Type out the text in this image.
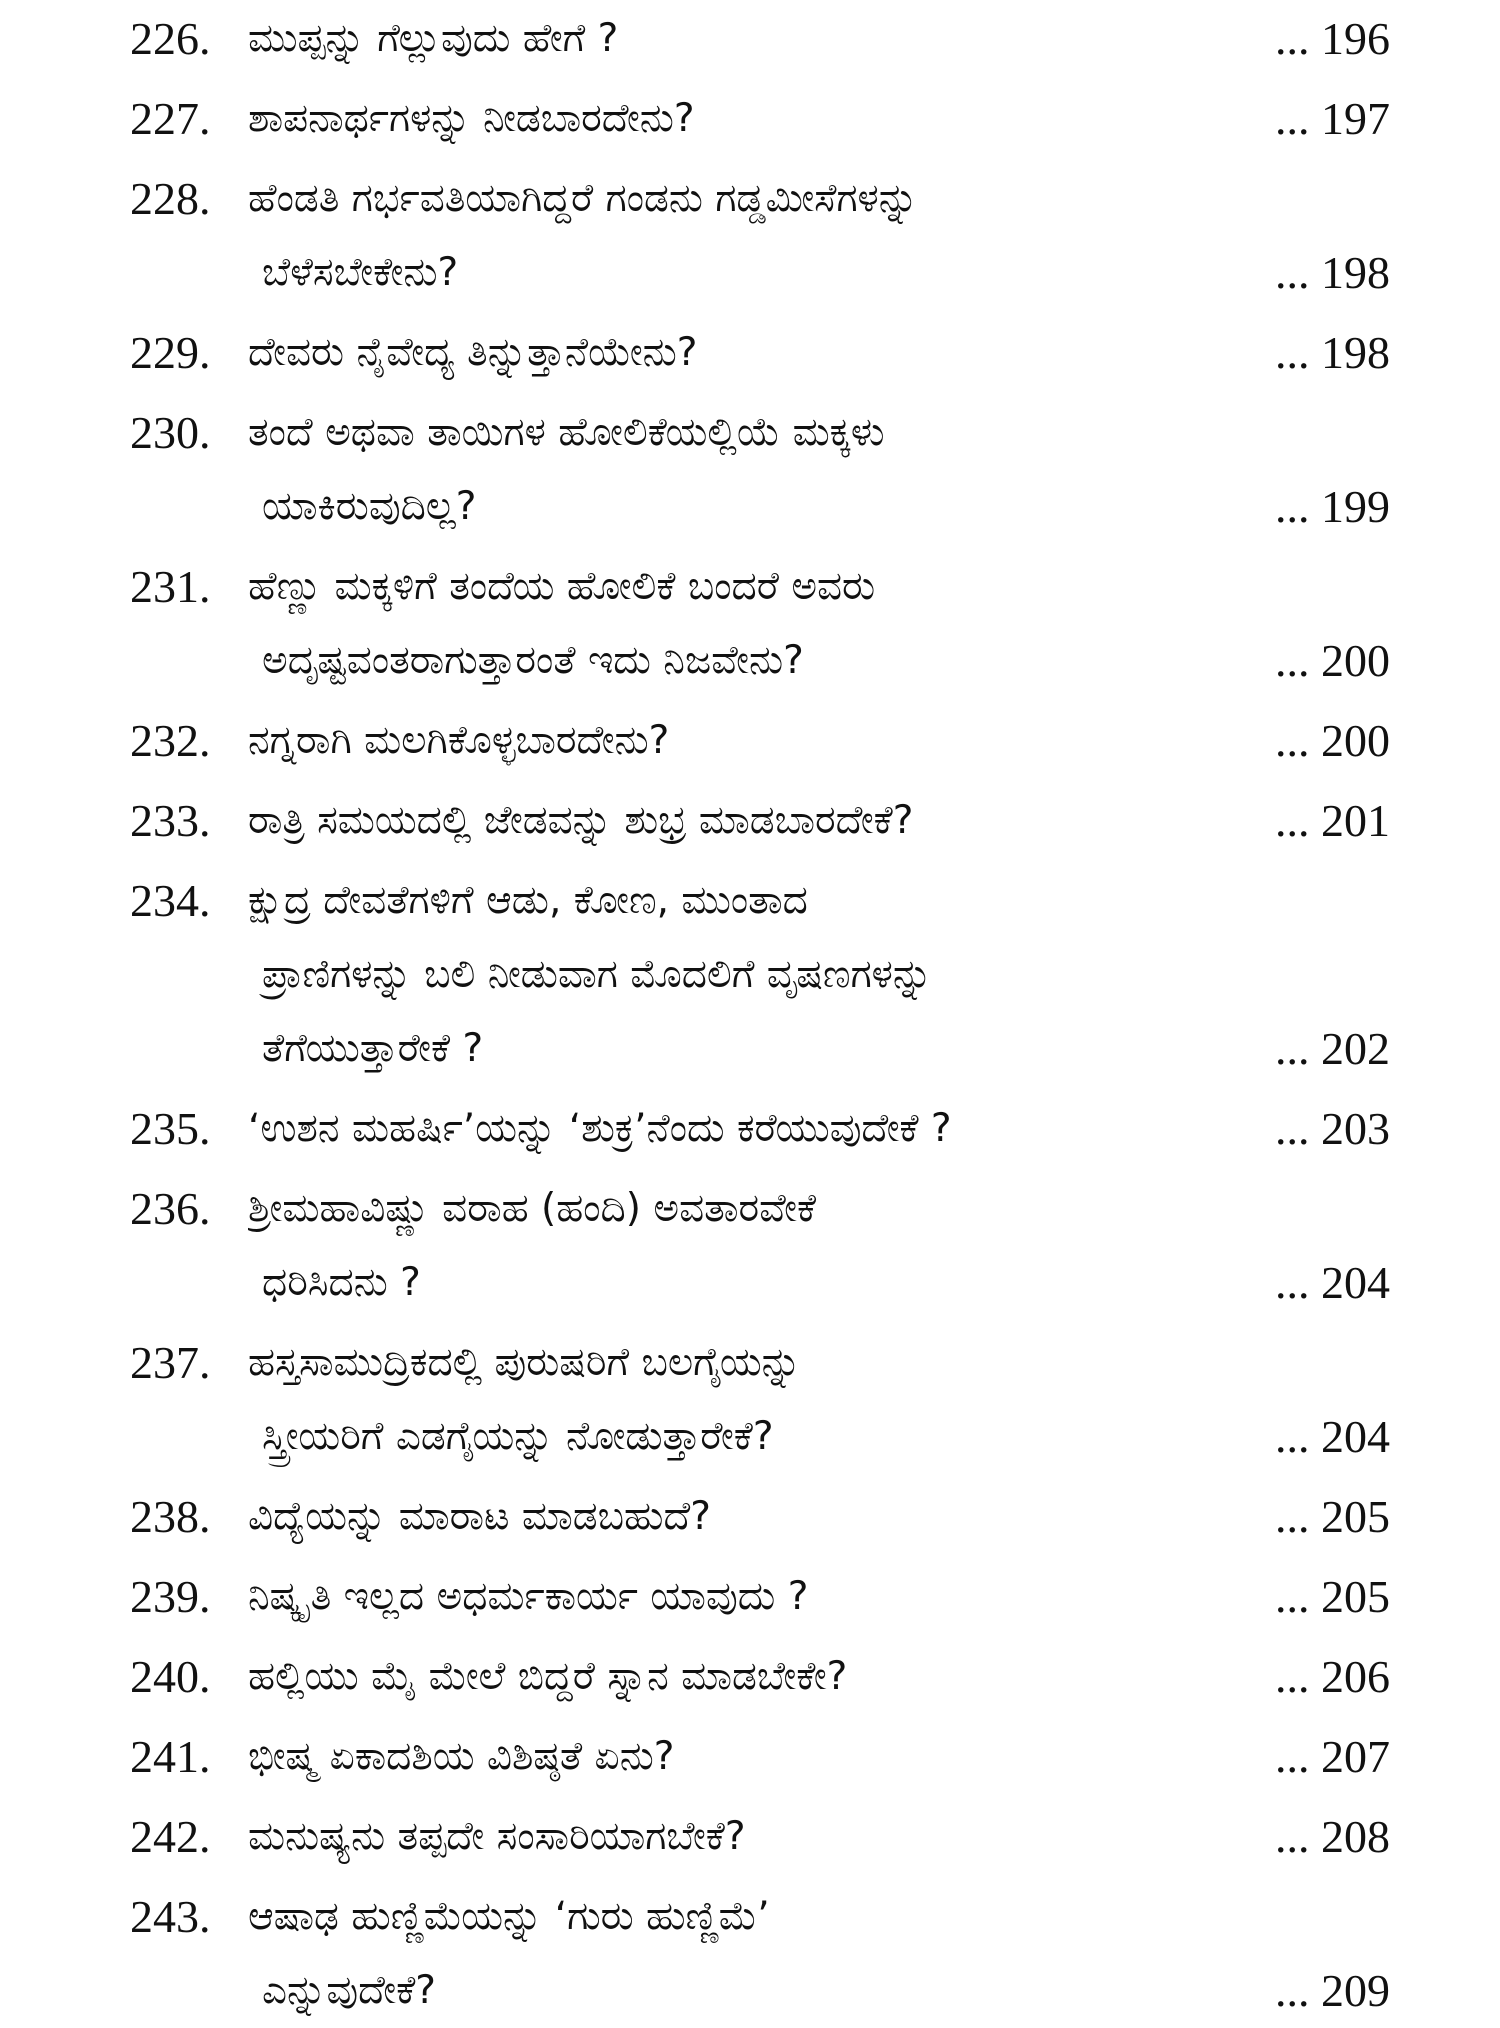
226. ಮುಪ್ಪನ್ನು ಗೆಲ್ಲುವುದು ಹೇಗೆ ?	... 196
227. ಶಾಪನಾರ್ಥಗಳನ್ನು ನೀಡಬಾರದೇನು?	... 197
228. ಹೆಂಡತಿ ಗರ್ಭವತಿಯಾಗಿದ್ದರೆ ಗಂಡನು ಗಡ್ಡಮೀಸೆಗಳನ್ನು
ಬೆಳೆಸಬೇಕೇನು?	... 198
229. ದೇವರು ನೈವೇದ್ಯ ತಿನ್ನುತ್ತಾನೆಯೇನು?	... 198
230. ತಂದೆ ಅಥವಾ ತಾಯಿಗಳ ಹೋಲಿಕೆಯಲ್ಲಿಯೆ ಮಕ್ಕಳು
ಯಾಕಿರುವುದಿಲ್ಲ?	... 199
231. ಹೆಣ್ಣು ಮಕ್ಕಳಿಗೆ ತಂದೆಯ ಹೋಲಿಕೆ ಬಂದರೆ ಅವರು
ಅದೃಷ್ಟವಂತರಾಗುತ್ತಾರಂತೆ ಇದು ನಿಜವೇನು?	... 200
232. ನಗ್ನರಾಗಿ ಮಲಗಿಕೊಳ್ಳಬಾರದೇನು?	... 200
233. ರಾತ್ರಿ ಸಮಯದಲ್ಲಿ ಜೇಡವನ್ನು ಶುಭ್ರ ಮಾಡಬಾರದೇಕೆ?	... 201
234. ಕ್ಷುದ್ರ ದೇವತೆಗಳಿಗೆ ಆಡು, ಕೋಣ, ಮುಂತಾದ
ಪ್ರಾಣಿಗಳನ್ನು ಬಲಿ ನೀಡುವಾಗ ಮೊದಲಿಗೆ ವೃಷಣಗಳನ್ನು
ತೆಗೆಯುತ್ತಾರೇಕೆ ?	... 202
235. ‘ಉಶನ ಮಹರ್ಷಿ’ಯನ್ನು ‘ಶುಕ್ರ’ನೆಂದು ಕರೆಯುವುದೇಕೆ ?	... 203
236. ಶ್ರೀಮಹಾವಿಷ್ಣು ವರಾಹ (ಹಂದಿ) ಅವತಾರವೇಕೆ
ಧರಿಸಿದನು ?	... 204
237. ಹಸ್ತಸಾಮುದ್ರಿಕದಲ್ಲಿ ಪುರುಷರಿಗೆ ಬಲಗೈಯನ್ನು
ಸ್ತ್ರೀಯರಿಗೆ ಎಡಗೈಯನ್ನು ನೋಡುತ್ತಾರೇಕೆ?	... 204
238. ವಿದ್ಯೆಯನ್ನು ಮಾರಾಟ ಮಾಡಬಹುದೆ?	... 205
239. ನಿಷ್ಕೃತಿ ಇಲ್ಲದ ಅಧರ್ಮಕಾರ್ಯ ಯಾವುದು ?	... 205
240. ಹಲ್ಲಿಯು ಮೈ ಮೇಲೆ ಬಿದ್ದರೆ ಸ್ನಾನ ಮಾಡಬೇಕೇ?	... 206
241. ಭೀಷ್ಮ ಏಕಾದಶಿಯ ವಿಶಿಷ್ಠತೆ ಏನು?	... 207
242. ಮನುಷ್ಯನು ತಪ್ಪದೇ ಸಂಸಾರಿಯಾಗಬೇಕೆ?	... 208
243. ಆಷಾಢ ಹುಣ್ಣಿಮೆಯನ್ನು ‘ಗುರು ಹುಣ್ಣಿಮೆ’
ಎನ್ನುವುದೇಕೆ?	... 209
